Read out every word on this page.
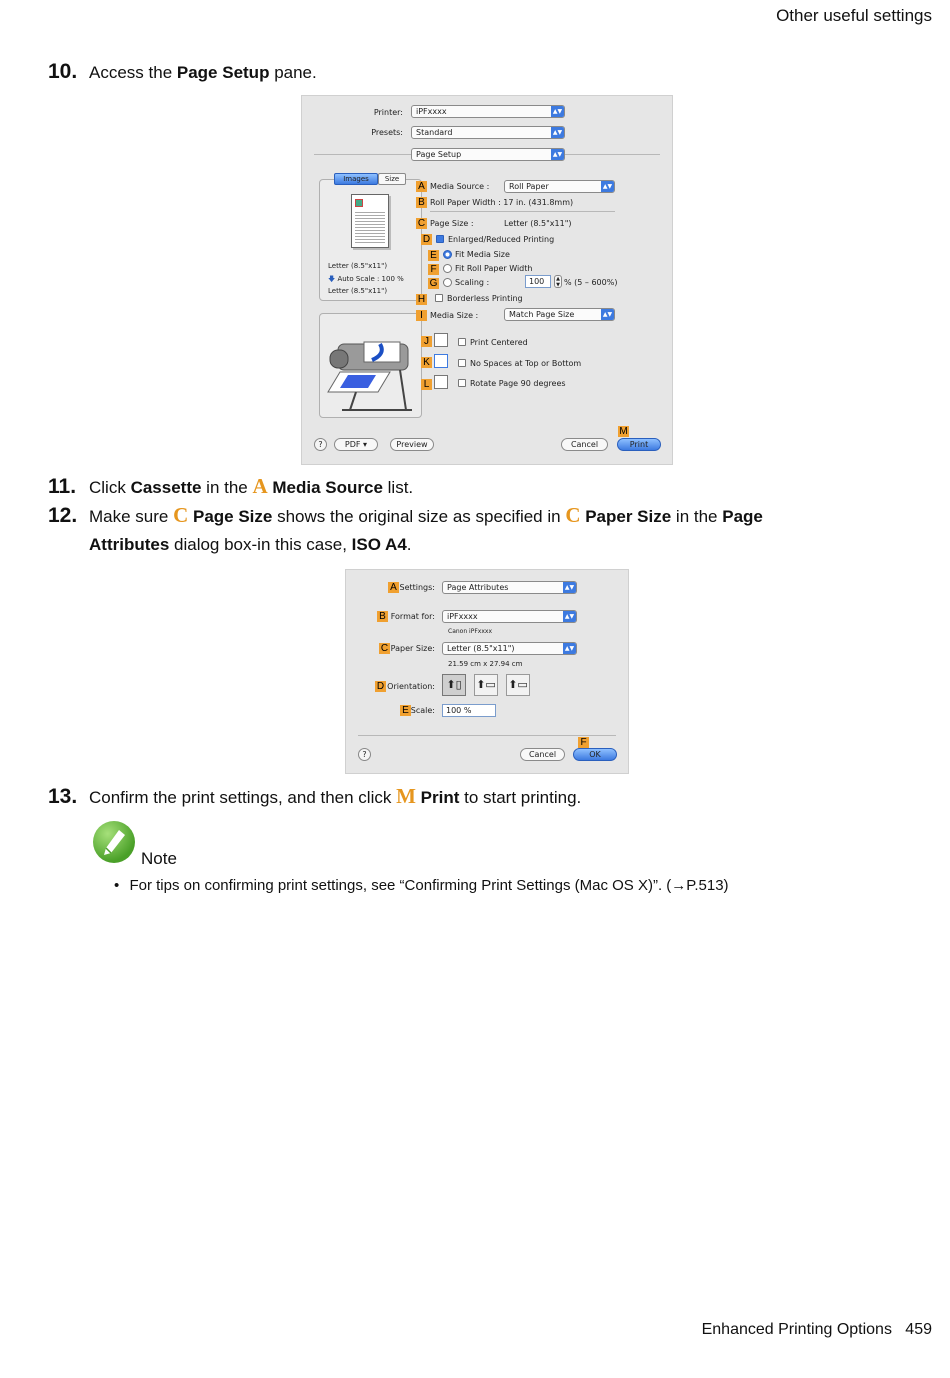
Other useful settings
Enhanced Printing Options 459
10. Access the Page Setup pane.
Printer:	iPFxxxx	▲▼
Presets:	Standard	▲▼
Page Setup	▲▼
Images	Size
Letter (8.5"x11")
🡇 Auto Scale : 100 %
Letter (8.5"x11")
A Media Source :	Roll Paper	▲▼
B Roll Paper Width : 17 in. (431.8mm)
C Page Size :	Letter (8.5"x11")
D Enlarged/Reduced Printing
E Fit Media Size
F	Fit Roll Paper Width
G Scaling :	100	▲
▼ % (5 – 600%)
H	Borderless Printing
I Media Size :	Match Page Size	▲▼
J	Print Centered
K	No Spaces at Top or Bottom
L	Rotate Page 90 degrees
?	PDF ▾	Preview	Cancel
M
Print
11. Click Cassette in the A Media Source list.
12. Make sure C Page Size shows the original size as specified in C Paper Size in the Page
Attributes dialog box-in this case, ISO A4.
A Settings:	Page Attributes	▲▼
B Format for:	iPFxxxx	▲▼
Canon iPFxxxx
C Paper Size:	Letter (8.5"x11")	▲▼
21.59 cm x 27.94 cm
D Orientation:	⬆▯	⬆▭ ⬆▭
E Scale:	100 %
?	Cancel
F
OK
13. Confirm the print settings, and then click M Print to start printing.
Note
• For tips on confirming print settings, see “Confirming Print Settings (Mac OS X)”. (→P.513)
